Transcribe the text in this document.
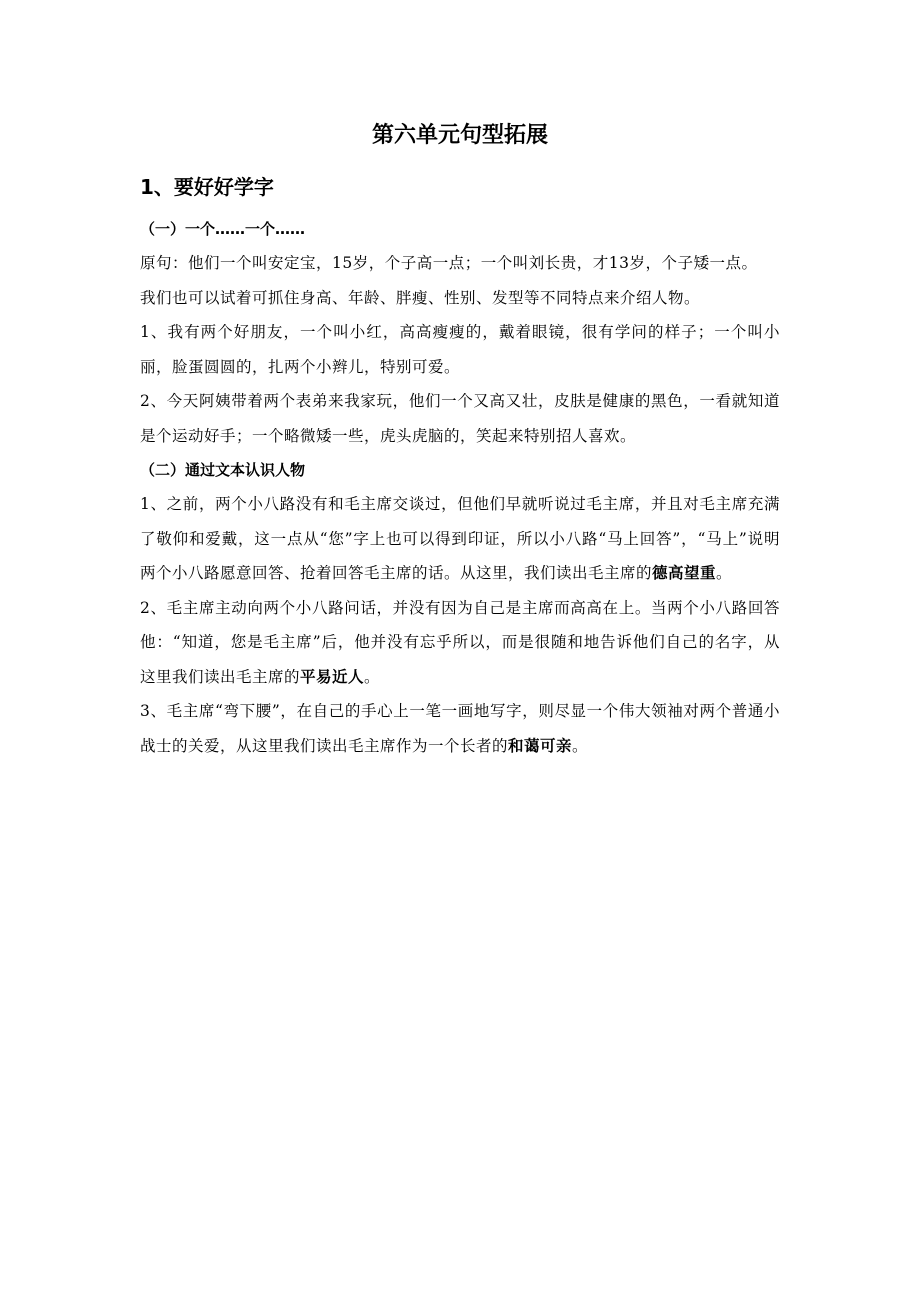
第六单元句型拓展
1、要好好学字
（一）一个……一个……

原句：他们一个叫安定宝，15岁，个子高一点；一个叫刘长贵，才13岁，个子矮一点。

我们也可以试着可抓住身高、年龄、胖瘦、性别、发型等不同特点来介绍人物。

1、我有两个好朋友，一个叫小红，高高瘦瘦的，戴着眼镜，很有学问的样子；一个叫小丽，脸蛋圆圆的，扎两个小辫儿，特别可爱。

2、今天阿姨带着两个表弟来我家玩，他们一个又高又壮，皮肤是健康的黑色，一看就知道是个运动好手；一个略微矮一些，虎头虎脑的，笑起来特别招人喜欢。

（二）通过文本认识人物

1、之前，两个小八路没有和毛主席交谈过，但他们早就听说过毛主席，并且对毛主席充满了敬仰和爱戴，这一点从“您”字上也可以得到印证，所以小八路“马上回答”，“马上”说明两个小八路愿意回答、抢着回答毛主席的话。从这里，我们读出毛主席的德高望重。

2、毛主席主动向两个小八路问话，并没有因为自己是主席而高高在上。当两个小八路回答他：“知道，您是毛主席”后，他并没有忘乎所以，而是很随和地告诉他们自己的名字，从这里我们读出毛主席的平易近人。

3、毛主席“弯下腰”，在自己的手心上一笔一画地写字，则尽显一个伟大领袖对两个普通小战士的关爱，从这里我们读出毛主席作为一个长者的和蔼可亲。
